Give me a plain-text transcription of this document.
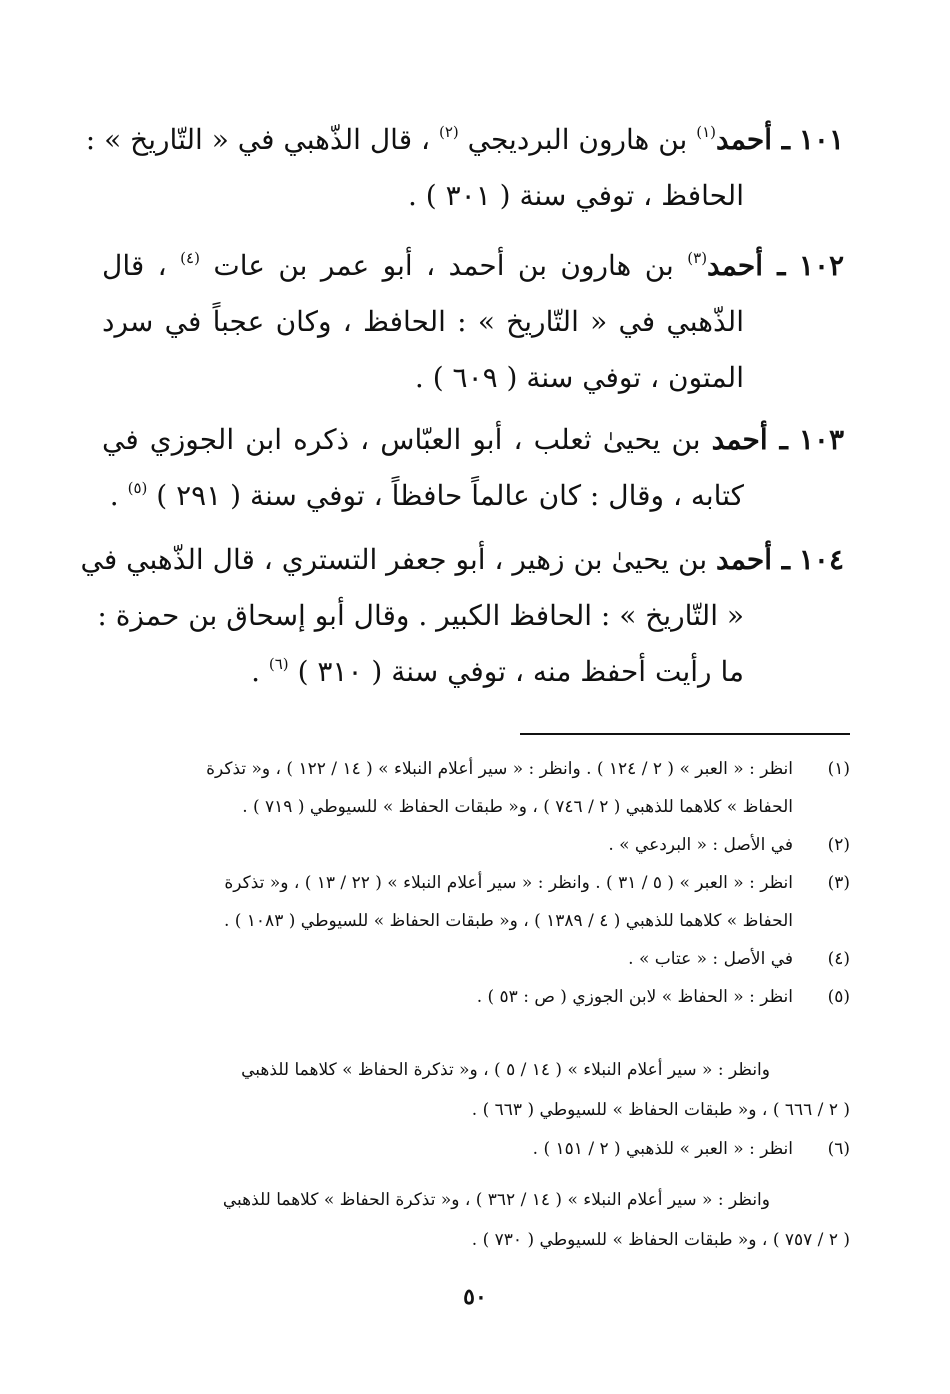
١٠١ ـ أحمد$^{(١)}$ بن هارون البرديجي $^{(٢)}$ ، قال الذّهبي في « التّاريخ » :
الحافظ ، توفي سنة ( ٣٠١ ) .
١٠٢ ـ أحمد$^{(٣)}$ بن هارون بن أحمد ، أبو عمر بن عات $^{(٤)}$ ، قال
الذّهبي في « التّاريخ » : الحافظ ، وكان عجباً في سرد
المتون ، توفي سنة ( ٦٠٩ ) .
١٠٣ ـ أحمد بن يحيىٰ ثعلب ، أبو العبّاس ، ذكره ابن الجوزي في
كتابه ، وقال : كان عالماً حافظاً ، توفي سنة ( ٢٩١ ) $^{(٥)}$ .
١٠٤ ـ أحمد بن يحيىٰ بن زهير ، أبو جعفر التستري ، قال الذّهبي في
« التّاريخ » : الحافظ الكبير . وقال أبو إسحاق بن حمزة :
ما رأيت أحفظ منه ، توفي سنة ( ٣١٠ ) $^{(٦)}$ .
(١)
انظر : « العبر » ( ٢ / ١٢٤ ) . وانظر : « سير أعلام النبلاء » ( ١٤ / ١٢٢ ) ، و« تذكرة
الحفاظ » كلاهما للذهبي ( ٢ / ٧٤٦ ) ، و« طبقات الحفاظ » للسيوطي ( ٧١٩ ) .
(٢)
في الأصل : « البردعي » .
(٣)
انظر : « العبر » ( ٥ / ٣١ ) . وانظر : « سير أعلام النبلاء » ( ٢٢ / ١٣ ) ، و« تذكرة
الحفاظ » كلاهما للذهبي ( ٤ / ١٣٨٩ ) ، و« طبقات الحفاظ » للسيوطي ( ١٠٨٣ ) .
(٤)
في الأصل : « عتاب » .
(٥)
انظر : « الحفاظ » لابن الجوزي ( ص : ٥٣ ) .
وانظر : « سير أعلام النبلاء » ( ١٤ / ٥ ) ، و« تذكرة الحفاظ » كلاهما للذهبي
( ٢ / ٦٦٦ ) ، و« طبقات الحفاظ » للسيوطي ( ٦٦٣ ) .
(٦)
انظر : « العبر » للذهبي ( ٢ / ١٥١ ) .
وانظر : « سير أعلام النبلاء » ( ١٤ / ٣٦٢ ) ، و« تذكرة الحفاظ » كلاهما للذهبي
( ٢ / ٧٥٧ ) ، و« طبقات الحفاظ » للسيوطي ( ٧٣٠ ) .
٥٠
